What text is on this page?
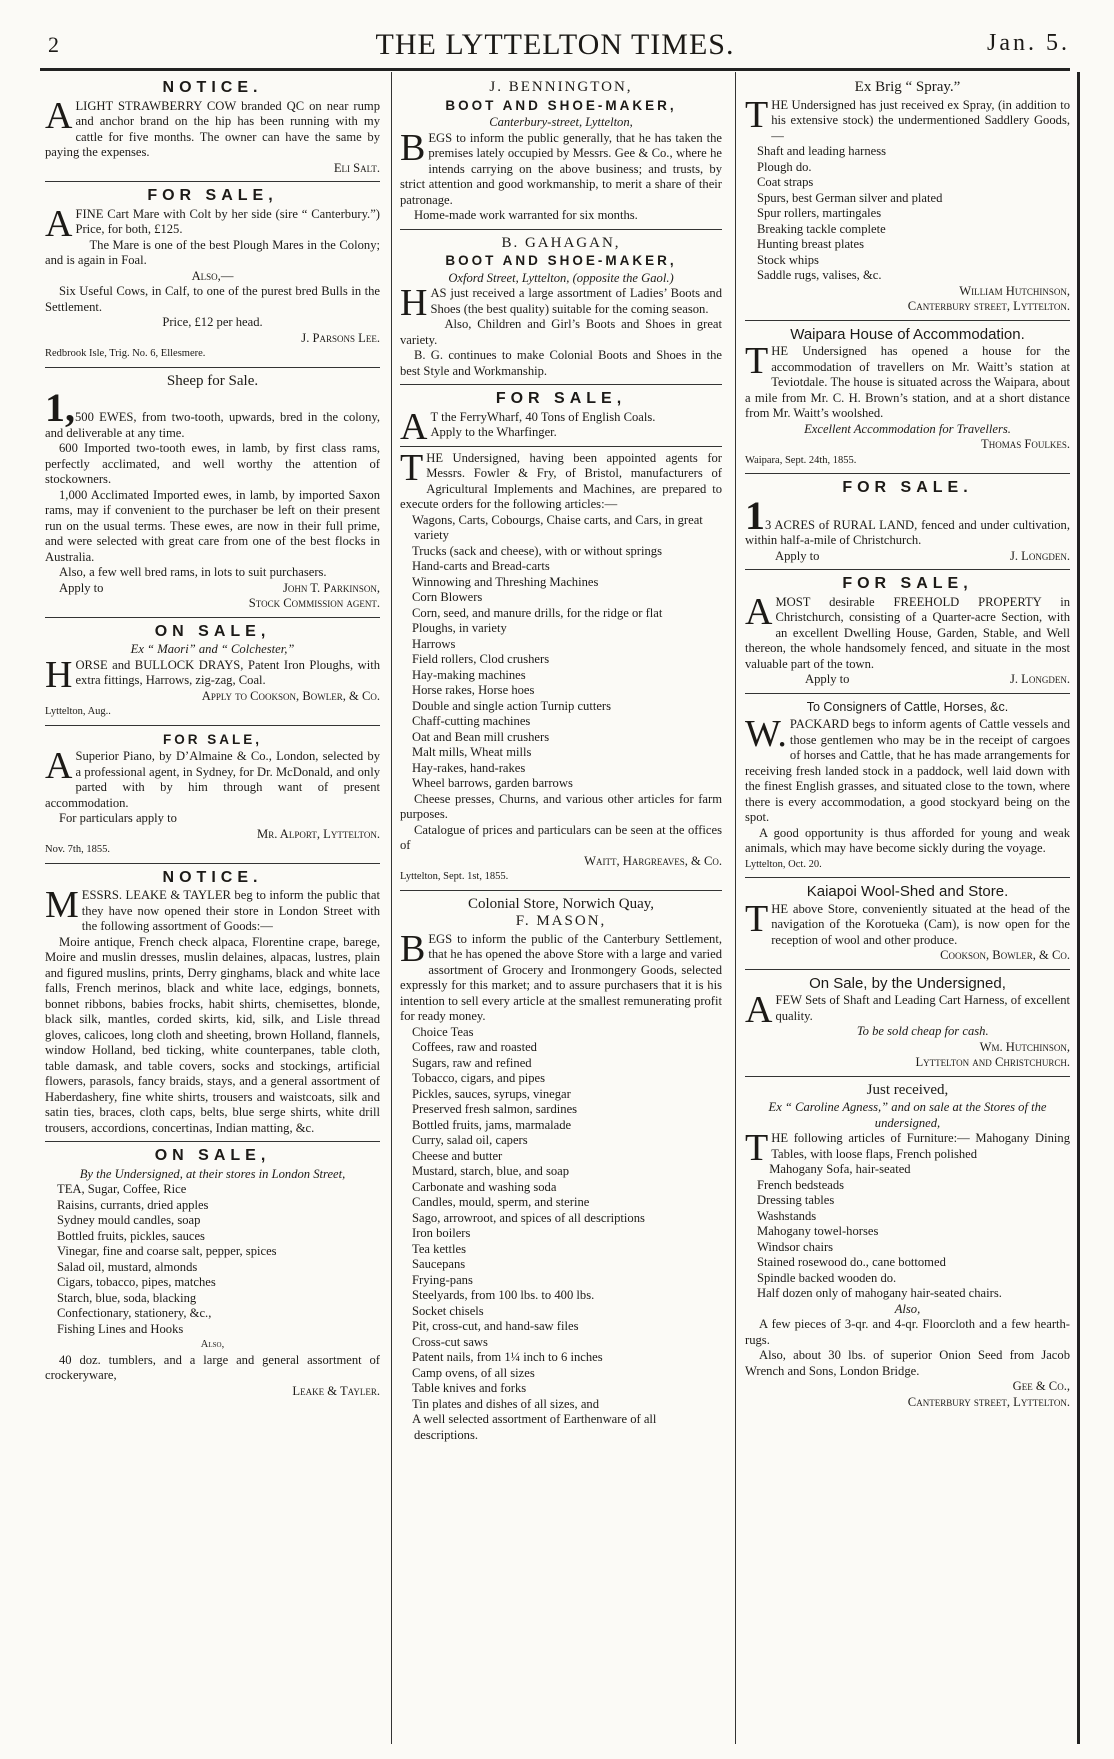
2	THE LYTTELTON TIMES.	Jan. 5.
NOTICE.

ALIGHT STRAWBERRY COW branded QC on near rump and anchor brand on the hip has been running with my cattle for five months. The owner can have the same by paying the expenses.

Eli Salt.
FOR SALE,

AFINE Cart Mare with Colt by her side (sire “ Canterbury.”) Price, for both, £125.

The Mare is one of the best Plough Mares in the Colony; and is again in Foal.

Also,—

Six Useful Cows, in Calf, to one of the purest bred Bulls in the Settlement.

Price, £12 per head.
J. Parsons Lee.
Redbrook Isle, Trig. No. 6, Ellesmere.
Sheep for Sale.

1,500 EWES, from two-tooth, upwards, bred in the colony, and deliverable at any time.

600 Imported two-tooth ewes, in lamb, by first class rams, perfectly acclimated, and well worthy the attention of stockowners.

1,000 Acclimated Imported ewes, in lamb, by imported Saxon rams, may if convenient to the purchaser be left on their present run on the usual terms. These ewes, are now in their full prime, and were selected with great care from one of the best flocks in Australia.

Also, a few well bred rams, in lots to suit purchasers.

Apply to	John T. Parkinson,
Stock Commission agent.
ON SALE,
Ex “ Maori” and “ Colchester,”

HORSE and BULLOCK DRAYS, Patent Iron Ploughs, with extra fittings, Harrows, zig-zag, Coal.

Apply to Cookson, Bowler, & Co.
Lyttelton, Aug..
FOR SALE,

ASuperior Piano, by D’Almaine & Co., London, selected by a professional agent, in Sydney, for Dr. McDonald, and only parted with by him through want of present accommodation.

For particulars apply to

Mr. Alport, Lyttelton.
Nov. 7th, 1855.
NOTICE.

MESSRS. LEAKE & TAYLER beg to inform the public that they have now opened their store in London Street with the following assortment of Goods:—

Moire antique, French check alpaca, Florentine crape, barege, Moire and muslin dresses, muslin delaines, alpacas, lustres, plain and figured muslins, prints, Derry ginghams, black and white lace falls, French merinos, black and white lace, edgings, bonnets, bonnet ribbons, babies frocks, habit shirts, chemisettes, blonde, black silk, mantles, corded skirts, kid, silk, and Lisle thread gloves, calicoes, long cloth and sheeting, brown Holland, flannels, window Holland, bed ticking, white counterpanes, table cloth, table damask, and table covers, socks and stockings, artificial flowers, parasols, fancy braids, stays, and a general assortment of Haberdashery, fine white shirts, trousers and waistcoats, silk and satin ties, braces, cloth caps, belts, blue serge shirts, white drill trousers, accordions, concertinas, Indian matting, &c.

ON SALE,
By the Undersigned, at their stores in London Street,
TEA, Sugar, Coffee, Rice
Raisins, currants, dried apples
Sydney mould candles, soap
Bottled fruits, pickles, sauces
Vinegar, fine and coarse salt, pepper, spices
Salad oil, mustard, almonds
Cigars, tobacco, pipes, matches
Starch, blue, soda, blacking
Confectionary, stationery, &c.,
Fishing Lines and Hooks
Also,

40 doz. tumblers, and a large and general assortment of crockeryware,

Leake & Tayler.
J. BENNINGTON,
BOOT AND SHOE-MAKER,
Canterbury-street, Lyttelton,

BEGS to inform the public generally, that he has taken the premises lately occupied by Messrs. Gee & Co., where he intends carrying on the above business; and trusts, by strict attention and good workmanship, to merit a share of their patronage.

Home-made work warranted for six months.

B. GAHAGAN,
BOOT AND SHOE-MAKER,
Oxford Street, Lyttelton, (opposite the Gaol.)

HAS just received a large assortment of Ladies’ Boots and Shoes (the best quality) suitable for the coming season.

Also, Children and Girl’s Boots and Shoes in great variety.

B. G. continues to make Colonial Boots and Shoes in the best Style and Workmanship.

FOR SALE,

AT the FerryWharf, 40 Tons of English Coals.

Apply to the Wharfinger.

THE Undersigned, having been appointed agents for Messrs. Fowler & Fry, of Bristol, manufacturers of Agricultural Implements and Machines, are prepared to execute orders for the following articles:—

Wagons, Carts, Cobourgs, Chaise carts, and Cars, in great variety
Trucks (sack and cheese), with or without springs
Hand-carts and Bread-carts
Winnowing and Threshing Machines
Corn Blowers
Corn, seed, and manure drills, for the ridge or flat
Ploughs, in variety
Harrows
Field rollers, Clod crushers
Hay-making machines
Horse rakes, Horse hoes
Double and single action Turnip cutters
Chaff-cutting machines
Oat and Bean mill crushers
Malt mills, Wheat mills
Hay-rakes, hand-rakes
Wheel barrows, garden barrows

Cheese presses, Churns, and various other articles for farm purposes.

Catalogue of prices and particulars can be seen at the offices of

Waitt, Hargreaves, & Co.
Lyttelton, Sept. 1st, 1855.
Colonial Store, Norwich Quay,
F. MASON,

BEGS to inform the public of the Canterbury Settlement, that he has opened the above Store with a large and varied assortment of Grocery and Ironmongery Goods, selected expressly for this market; and to assure purchasers that it is his intention to sell every article at the smallest remunerating profit for ready money.

Choice Teas
Coffees, raw and roasted
Sugars, raw and refined
Tobacco, cigars, and pipes
Pickles, sauces, syrups, vinegar
Preserved fresh salmon, sardines
Bottled fruits, jams, marmalade
Curry, salad oil, capers
Cheese and butter
Mustard, starch, blue, and soap
Carbonate and washing soda
Candles, mould, sperm, and sterine
Sago, arrowroot, and spices of all descriptions
Iron boilers
Tea kettles
Saucepans
Frying-pans
Steelyards, from 100 lbs. to 400 lbs.
Socket chisels
Pit, cross-cut, and hand-saw files
Cross-cut saws
Patent nails, from 1¼ inch to 6 inches
Camp ovens, of all sizes
Table knives and forks
Tin plates and dishes of all sizes, and
A well selected assortment of Earthenware of all descriptions.
Ex Brig “ Spray.”

THE Undersigned has just received ex Spray, (in addition to his extensive stock) the undermentioned Saddlery Goods,—

Shaft and leading harness
Plough do.
Coat straps
Spurs, best German silver and plated
Spur rollers, martingales
Breaking tackle complete
Hunting breast plates
Stock whips
Saddle rugs, valises, &c.
William Hutchinson,
Canterbury street, Lyttelton.
Waipara House of Accommodation.

THE Undersigned has opened a house for the accommodation of travellers on Mr. Waitt’s station at Teviotdale. The house is situated across the Waipara, about a mile from Mr. C. H. Brown’s station, and at a short distance from Mr. Waitt’s woolshed.

Excellent Accommodation for Travellers.
Thomas Foulkes.
Waipara, Sept. 24th, 1855.
FOR SALE.

13 ACRES of RURAL LAND, fenced and under cultivation, within half-a-mile of Christchurch.

Apply to	J. Longden.
FOR SALE,

AMOST desirable FREEHOLD PROPERTY in Christchurch, consisting of a Quarter-acre Section, with an excellent Dwelling House, Garden, Stable, and Well thereon, the whole handsomely fenced, and situate in the most valuable part of the town.

Apply to	J. Longden.
To Consigners of Cattle, Horses, &c.

W.PACKARD begs to inform agents of Cattle vessels and those gentlemen who may be in the receipt of cargoes of horses and Cattle, that he has made arrangements for receiving fresh landed stock in a paddock, well laid down with the finest English grasses, and situated close to the town, where there is every accommodation, a good stockyard being on the spot.

A good opportunity is thus afforded for young and weak animals, which may have become sickly during the voyage.

Lyttelton, Oct. 20.
Kaiapoi Wool-Shed and Store.

THE above Store, conveniently situated at the head of the navigation of the Korotueka (Cam), is now open for the reception of wool and other produce.

Cookson, Bowler, & Co.
On Sale, by the Undersigned,

AFEW Sets of Shaft and Leading Cart Harness, of excellent quality.

To be sold cheap for cash.
Wm. Hutchinson,
Lyttelton and Christchurch.
Just received,
Ex “ Caroline Agness,” and on sale at the Stores of the undersigned,

THE following articles of Furniture:— Mahogany Dining Tables, with loose flaps, French polished

Mahogany Sofa, hair-seated
French bedsteads
Dressing tables
Washstands
Mahogany towel-horses
Windsor chairs
Stained rosewood do., cane bottomed
Spindle backed wooden do.
Half dozen only of mahogany hair-seated chairs.
Also,

A few pieces of 3-qr. and 4-qr. Floorcloth and a few hearth-rugs.

Also, about 30 lbs. of superior Onion Seed from Jacob Wrench and Sons, London Bridge.

Gee & Co.,
Canterbury street, Lyttelton.
